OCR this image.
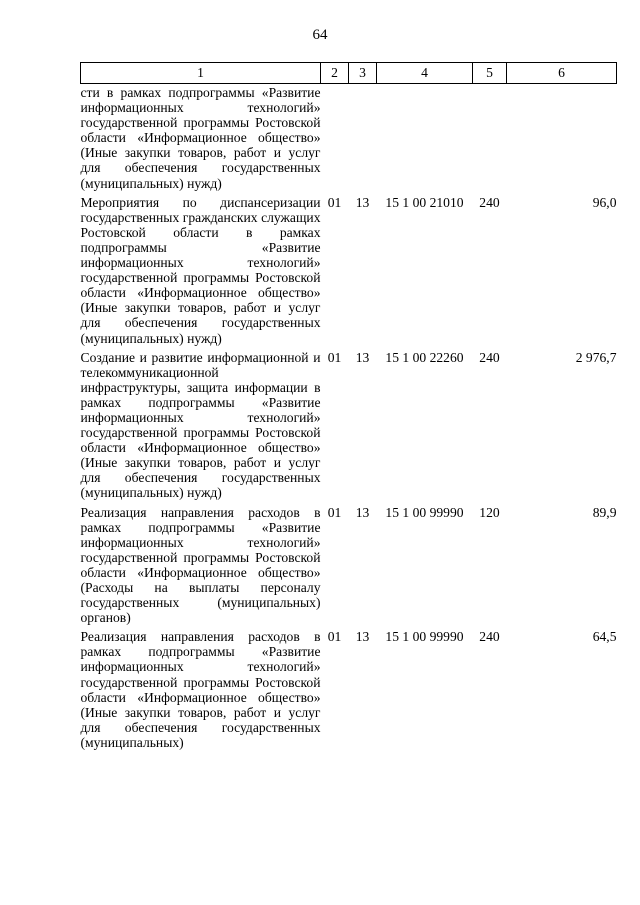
64
1	2	3	4	5	6
сти в рамках подпрограммы «Развитие информационных технологий» государственной программы Ростовской области «Информационное общество» (Иные закупки товаров, работ и услуг для обеспечения государственных (муниципальных) нужд)					
Мероприятия по диспансеризации государственных гражданских служащих Ростовской области в рамках подпрограммы «Развитие информационных технологий» государственной программы Ростовской области «Информационное общество» (Иные закупки товаров, работ и услуг для обеспечения государственных (муниципальных) нужд)	01	13	15 1 00 21010	240	96,0
Создание и развитие информационной и телекоммуникационной инфраструктуры, защита информации в рамках подпрограммы «Развитие информационных технологий» государственной программы Ростовской области «Информационное общество» (Иные закупки товаров, работ и услуг для обеспечения государственных (муниципальных) нужд)	01	13	15 1 00 22260	240	2 976,7
Реализация направления расходов в рамках подпрограммы «Развитие информационных технологий» государственной программы Ростовской области «Информационное общество» (Расходы на выплаты персоналу государственных (муниципальных) органов)	01	13	15 1 00 99990	120	89,9
Реализация направления расходов в рамках подпрограммы «Развитие информационных технологий» государственной программы Ростовской области «Информационное общество» (Иные закупки товаров, работ и услуг для обеспечения государственных (муниципальных)	01	13	15 1 00 99990	240	64,5
